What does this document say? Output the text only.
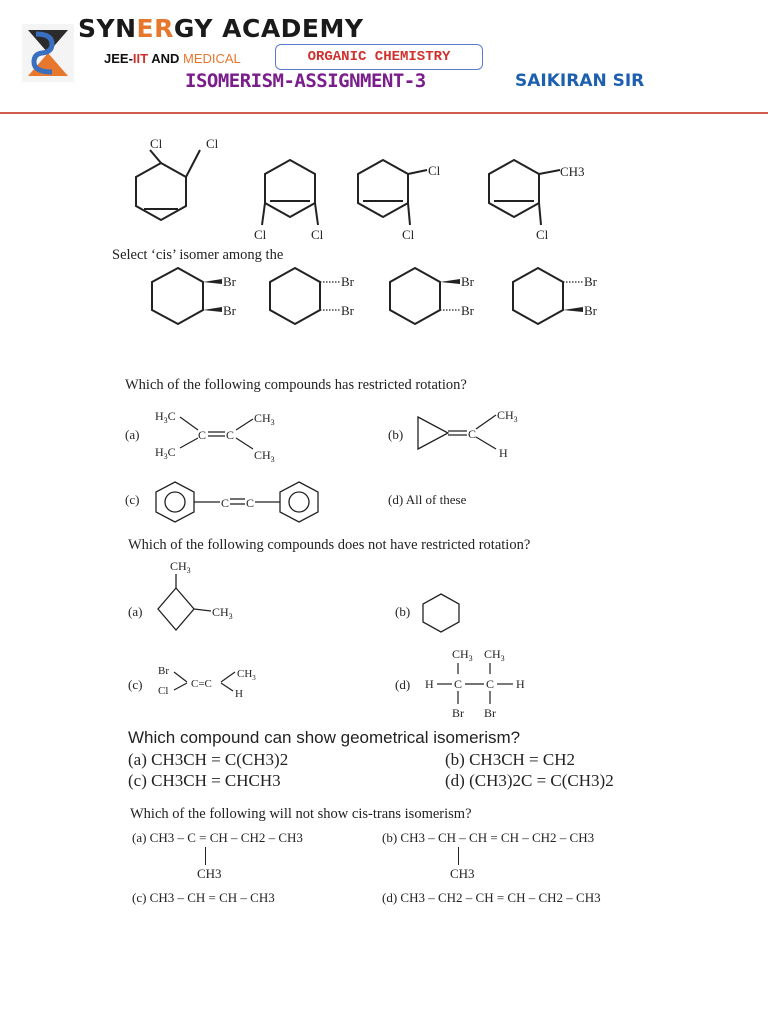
SYNERGY ACADEMY
JEE-IIT AND MEDICAL	ORGANIC CHEMISTRY
ISOMERISM-ASSIGNMENT-3	SAIKIRAN SIR
Cl	Cl
Cl	Cl
Cl
Cl
CH3
Cl
Select ‘cis’ isomer among the
Br
Br
Br
Br
Br
Br
Br
Br
Which of the following compounds has restricted rotation?
(a)
$H_3C$
$H_3C$
C C
$CH_3$
$CH_3$
(b)	C
$CH_3$
H
(c)	C C	(d) All of these
Which of the following compounds does not have restricted rotation?
(a)
$CH_3$
$CH_3$	(b)
(c)
Br
Cl
C=C
$CH_3$
H
(d)
$CH_3$ $CH_3$
H C C H
Br Br
Which compound can show geometrical isomerism?
(a) CH3CH = C(CH3)2	(b) CH3CH = CH2
(c) CH3CH = CHCH3	(d) (CH3)2C = C(CH3)2
Which of the following will not show cis-trans isomerism?
(a) CH3 – C = CH – CH2 – CH3
CH3
(b) CH3 – CH – CH = CH – CH2 – CH3
CH3
(c) CH3 – CH = CH – CH3	(d) CH3 – CH2 – CH = CH – CH2 – CH3
